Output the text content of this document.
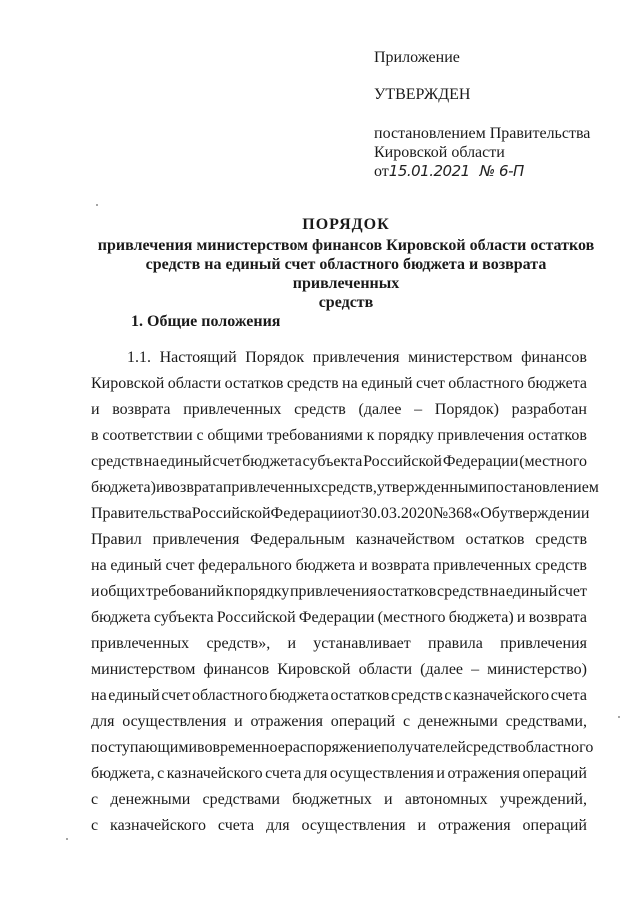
Приложение
УТВЕРЖДЕН
постановлением Правительства
Кировской области
от15.01.2021 № 6-П
ПОРЯДОК
привлечения министерством финансов Кировской области остатков
средств на единый счет областного бюджета и возврата привлеченных
средств
1. Общие положения
1.1. Настоящий Порядок привлечения министерством финансов
Кировской области остатков средств на единый счет областного бюджета
и возврата привлеченных средств (далее – Порядок) разработан
в соответствии с общими требованиями к порядку привлечения остатков
средств на единый счет бюджета субъекта Российской Федерации (местного
бюджета) и возврата привлеченных средств, утвержденными постановлением
Правительства Российской Федерации от 30.03.2020 № 368 «Об утверждении
Правил привлечения Федеральным казначейством остатков средств
на единый счет федерального бюджета и возврата привлеченных средств
и общих требований к порядку привлечения остатков средств на единый счет
бюджета субъекта Российской Федерации (местного бюджета) и возврата
привлеченных средств», и устанавливает правила привлечения
министерством финансов Кировской области (далее – министерство)
на единый счет областного бюджета остатков средств с казначейского счета
для осуществления и отражения операций с денежными средствами,
поступающими во временное распоряжение получателей средств областного
бюджета, с казначейского счета для осуществления и отражения операций
с денежными средствами бюджетных и автономных учреждений,
с казначейского счета для осуществления и отражения операций
